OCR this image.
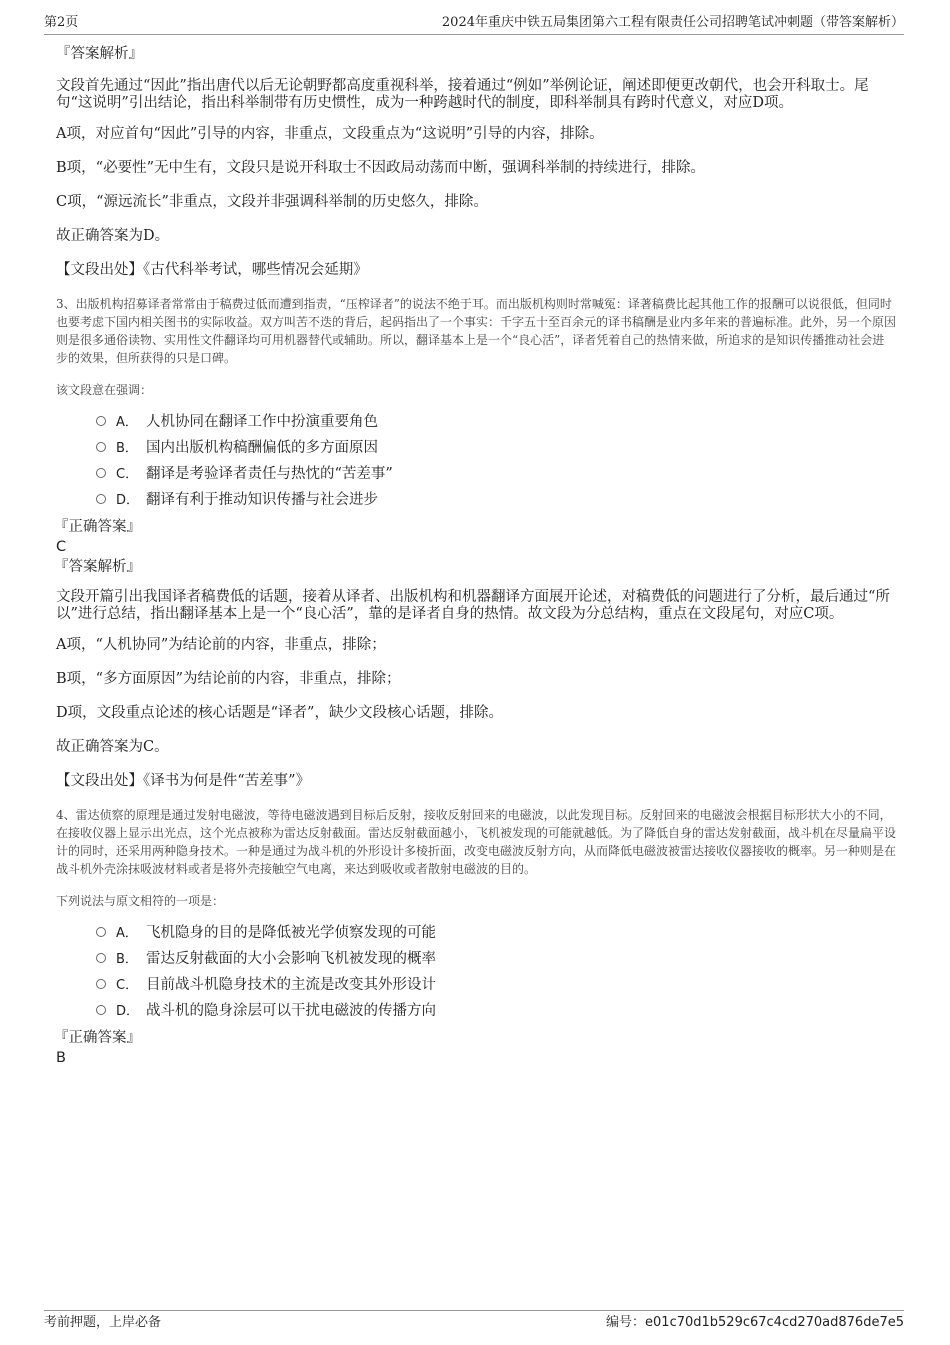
第2页	2024年重庆中铁五局集团第六工程有限责任公司招聘笔试冲刺题（带答案解析）

『答案解析』

文段首先通过“因此”指出唐代以后无论朝野都高度重视科举，接着通过“例如”举例论证，阐述即便更改朝代，也会开科取士。尾句“这说明”引出结论，指出科举制带有历史惯性，成为一种跨越时代的制度，即科举制具有跨时代意义，对应D项。

A项，对应首句“因此”引导的内容，非重点，文段重点为“这说明”引导的内容，排除。

B项，“必要性”无中生有，文段只是说开科取士不因政局动荡而中断，强调科举制的持续进行，排除。

C项，“源远流长”非重点，文段并非强调科举制的历史悠久，排除。

故正确答案为D。

【文段出处】《古代科举考试，哪些情况会延期》

3、出版机构招募译者常常由于稿费过低而遭到指责，“压榨译者”的说法不绝于耳。而出版机构则时常喊冤：译著稿费比起其他工作的报酬可以说很低，但同时也要考虑下国内相关图书的实际收益。双方叫苦不迭的背后，起码指出了一个事实：千字五十至百余元的译书稿酬是业内多年来的普遍标准。此外，另一个原因则是很多通俗读物、实用性文件翻译均可用机器替代或辅助。所以，翻译基本上是一个“良心活”，译者凭着自己的热情来做，所追求的是知识传播推动社会进步的效果，但所获得的只是口碑。

该文段意在强调：

A． 人机协同在翻译工作中扮演重要角色
B． 国内出版机构稿酬偏低的多方面原因
C． 翻译是考验译者责任与热忱的“苦差事”
D． 翻译有利于推动知识传播与社会进步

『正确答案』

C

『答案解析』

文段开篇引出我国译者稿费低的话题，接着从译者、出版机构和机器翻译方面展开论述，对稿费低的问题进行了分析，最后通过“所以”进行总结，指出翻译基本上是一个“良心活”，靠的是译者自身的热情。故文段为分总结构，重点在文段尾句，对应C项。

A项，“人机协同”为结论前的内容，非重点，排除；

B项，“多方面原因”为结论前的内容，非重点，排除；

D项，文段重点论述的核心话题是“译者”，缺少文段核心话题，排除。

故正确答案为C。

【文段出处】《译书为何是件“苦差事”》

4、雷达侦察的原理是通过发射电磁波，等待电磁波遇到目标后反射，接收反射回来的电磁波，以此发现目标。反射回来的电磁波会根据目标形状大小的不同，在接收仪器上显示出光点，这个光点被称为雷达反射截面。雷达反射截面越小，飞机被发现的可能就越低。为了降低自身的雷达发射截面，战斗机在尽量扁平设计的同时，还采用两种隐身技术。一种是通过为战斗机的外形设计多棱折面，改变电磁波反射方向，从而降低电磁波被雷达接收仪器接收的概率。另一种则是在战斗机外壳涂抹吸波材料或者是将外壳接触空气电离，来达到吸收或者散射电磁波的目的。

下列说法与原文相符的一项是：

A． 飞机隐身的目的是降低被光学侦察发现的可能
B． 雷达反射截面的大小会影响飞机被发现的概率
C． 目前战斗机隐身技术的主流是改变其外形设计
D． 战斗机的隐身涂层可以干扰电磁波的传播方向

『正确答案』

B

考前押题，上岸必备	编号：e01c70d1b529c67c4cd270ad876de7e5
